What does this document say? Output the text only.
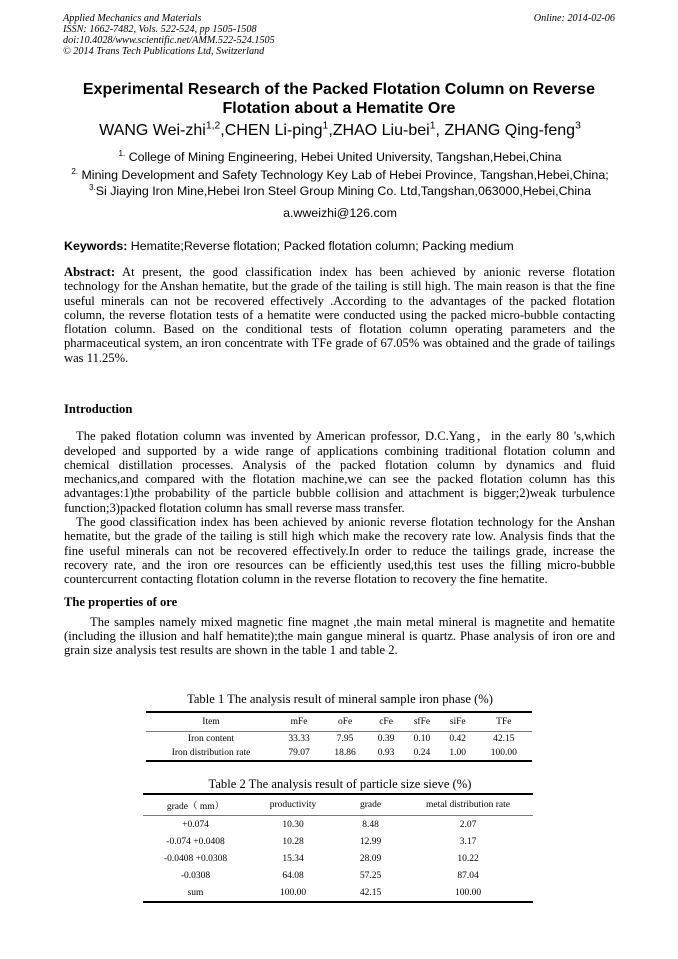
Applied Mechanics and Materials
ISSN: 1662-7482, Vols. 522-524, pp 1505-1508
doi:10.4028/www.scientific.net/AMM.522-524.1505
© 2014 Trans Tech Publications Ltd, Switzerland
Online: 2014-02-06
Experimental Research of the Packed Flotation Column on Reverse
Flotation about a Hematite Ore
WANG Wei-zhi$^{1,2}$,CHEN Li-ping$^1$,ZHAO Liu-bei$^1$, ZHANG Qing-feng$^3$
$^{1.}$ College of Mining Engineering, Hebei United University, Tangshan,Hebei,China
$^{2.}$ Mining Development and Safety Technology Key Lab of Hebei Province, Tangshan,Hebei,China;
$^{3.}$Si Jiaying Iron Mine,Hebei Iron Steel Group Mining Co. Ltd,Tangshan,063000,Hebei,China
a.wweizhi@126.com
Keywords: Hematite;Reverse flotation; Packed flotation column; Packing medium
Abstract: At present, the good classification index has been achieved by anionic reverse flotation technology for the Anshan hematite, but the grade of the tailing is still high. The main reason is that the fine useful minerals can not be recovered effectively .According to the advantages of the packed flotation column, the reverse flotation tests of a hematite were conducted using the packed micro-bubble contacting flotation column. Based on the conditional tests of flotation column operating parameters and the pharmaceutical system, an iron concentrate with TFe grade of 67.05% was obtained and the grade of tailings was 11.25%.

Introduction

The paked flotation column was invented by American professor, D.C.Yang，in the early 80 's,which developed and supported by a wide range of applications combining traditional flotation column and chemical distillation processes. Analysis of the packed flotation column by dynamics and fluid mechanics,and compared with the flotation machine,we can see the packed flotation column has this advantages:1)the probability of the particle bubble collision and attachment is bigger;2)weak turbulence function;3)packed flotation column has small reverse mass transfer.

The good classification index has been achieved by anionic reverse flotation technology for the Anshan hematite, but the grade of the tailing is still high which make the recovery rate low. Analysis finds that the fine useful minerals can not be recovered effectively.In order to reduce the tailings grade, increase the recovery rate, and the iron ore resources can be efficiently used,this test uses the filling micro-bubble countercurrent contacting flotation column in the reverse flotation to recovery the fine hematite.

The properties of ore

The samples namely mixed magnetic fine magnet ,the main metal mineral is magnetite and hematite (including the illusion and half hematite);the main gangue mineral is quartz. Phase analysis of iron ore and grain size analysis test results are shown in the table 1 and table 2.

Table 1 The analysis result of mineral sample iron phase (%)
Item	mFe	oFe	cFe	sfFe	siFe	TFe
Iron content	33.33	7.95	0.39	0.10	0.42	42.15
Iron distribution rate	79.07	18.86	0.93	0.24	1.00	100.00
Table 2 The analysis result of particle size sieve (%)
grade（ mm）	productivity	grade	metal distribution rate
+0.074	10.30	8.48	2.07
-0.074 +0.0408	10.28	12.99	3.17
-0.0408 +0.0308	15.34	28.09	10.22
-0.0308	64.08	57.25	87.04
sum	100.00	42.15	100.00
